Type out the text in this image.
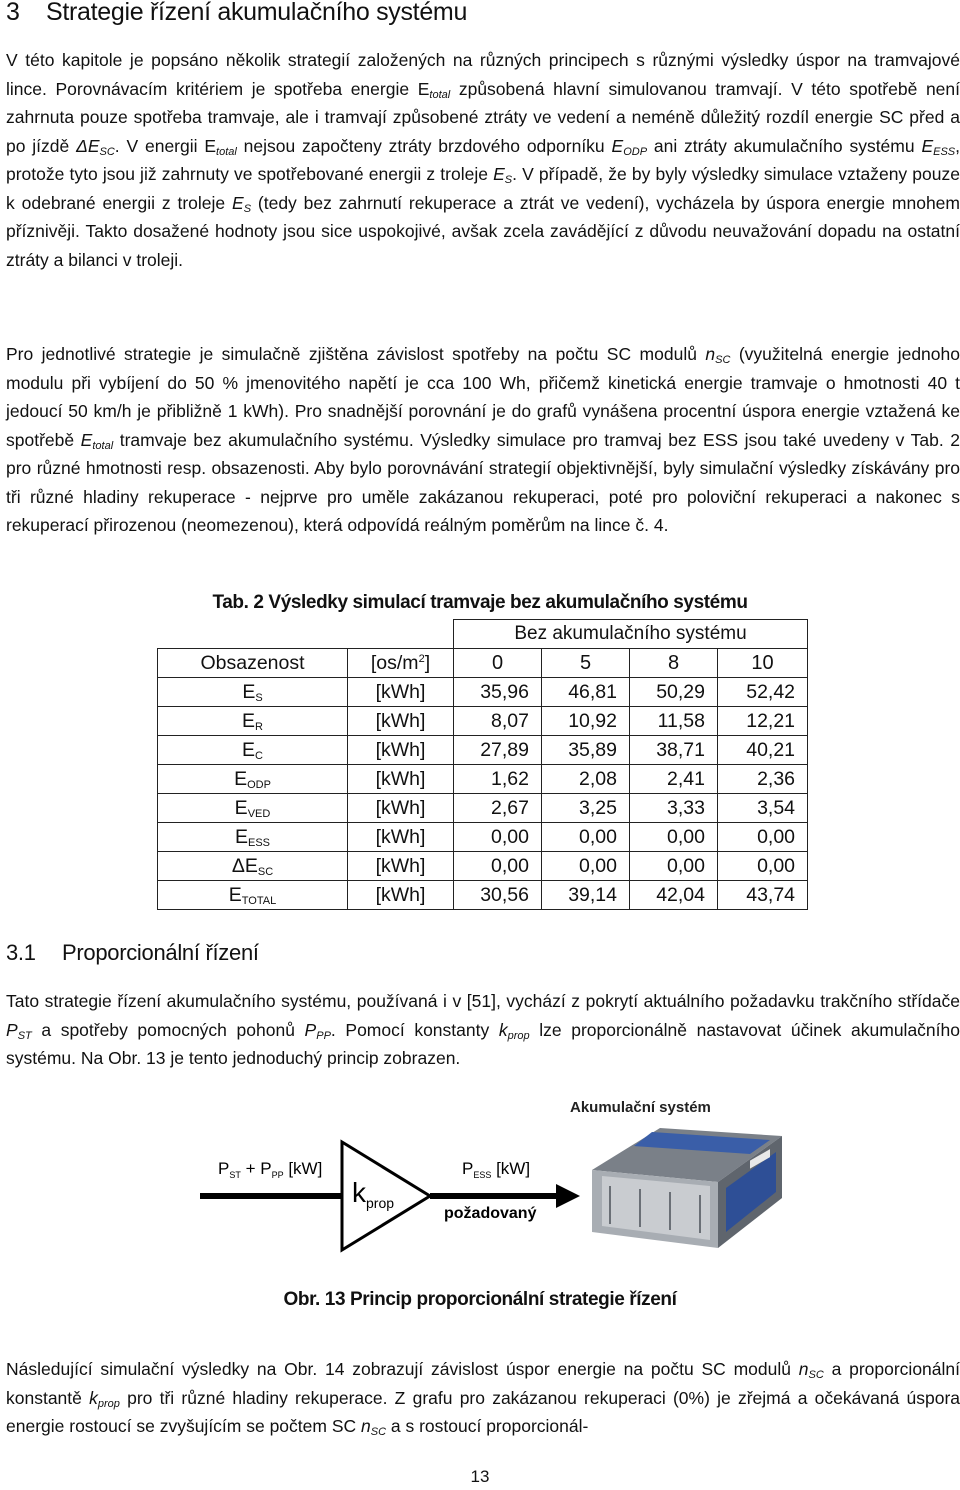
3 Strategie řízení akumulačního systému

V této kapitole je popsáno několik strategií založených na různých principech s různými výsledky úspor na tramvajové lince. Porovnávacím kritériem je spotřeba energie $E_{total}$ způsobená hlavní simulovanou tramvají. V této spotřebě není zahrnuta pouze spotřeba tramvaje, ale i tramvají způsobené ztráty ve vedení a neméně důležitý rozdíl energie SC před a po jízdě $\Delta E_{SC}$. V energii $E_{total}$ nejsou započteny ztráty brzdového odporníku $E_{ODP}$ ani ztráty akumulačního systému $E_{ESS}$, protože tyto jsou již zahrnuty ve spotřebované energii z troleje $E_S$. V případě, že by byly výsledky simulace vztaženy pouze k odebrané energii z troleje $E_S$ (tedy bez zahrnutí rekuperace a ztrát ve vedení), vycházela by úspora energie mnohem příznivěji. Takto dosažené hodnoty jsou sice uspokojivé, avšak zcela zavádějící z důvodu neuvažování dopadu na ostatní ztráty a bilanci v troleji.

Pro jednotlivé strategie je simulačně zjištěna závislost spotřeby na počtu SC modulů $n_{SC}$ (využitelná energie jednoho modulu při vybíjení do 50 % jmenovitého napětí je cca 100 Wh, přičemž kinetická energie tramvaje o hmotnosti 40 t jedoucí 50 km/h je přibližně 1 kWh). Pro snadnější porovnání je do grafů vynášena procentní úspora energie vztažená ke spotřebě $E_{total}$ tramvaje bez akumulačního systému. Výsledky simulace pro tramvaj bez ESS jsou také uvedeny v Tab. 2 pro různé hmotnosti resp. obsazenosti. Aby bylo porovnávání strategií objektivnější, byly simulační výsledky získávány pro tři různé hladiny rekuperace - nejprve pro uměle zakázanou rekuperaci, poté pro poloviční rekuperaci a nakonec s rekuperací přirozenou (neomezenou), která odpovídá reálným poměrům na lince č. 4.

Tab. 2 Výsledky simulací tramvaje bez akumulačního systému
		Bez akumulačního systému			
Obsazenost	$[os/m^2]$	0	5	8	10
$E_S$	[kWh]	35,96	46,81	50,29	52,42
$E_R$	[kWh]	8,07	10,92	11,58	12,21
$E_C$	[kWh]	27,89	35,89	38,71	40,21
$E_{ODP}$	[kWh]	1,62	2,08	2,41	2,36
$E_{VED}$	[kWh]	2,67	3,25	3,33	3,54
$E_{ESS}$	[kWh]	0,00	0,00	0,00	0,00
$\Delta E_{SC}$	[kWh]	0,00	0,00	0,00	0,00
$E_{TOTAL}$	[kWh]	30,56	39,14	42,04	43,74
3.1 Proporcionální řízení

Tato strategie řízení akumulačního systému, používaná i v [51], vychází z pokrytí aktuálního požadavku trakčního střídače $P_{ST}$ a spotřeby pomocných pohonů $P_{PP}$. Pomocí konstanty $k_{prop}$ lze proporcionálně nastavovat účinek akumulačního systému. Na Obr. 13 je tento jednoduchý princip zobrazen.

Akumulační systém
$P_{ST} + P_{PP}$ [kW]
$k_{prop}$
$P_{ESS}$ [kW]
požadovaný
Obr. 13 Princip proporcionální strategie řízení

Následující simulační výsledky na Obr. 14 zobrazují závislost úspor energie na počtu SC modulů $n_{SC}$ a proporcionální konstantě $k_{prop}$ pro tři různé hladiny rekuperace. Z grafu pro zakázanou rekuperaci (0%) je zřejmá a očekávaná úspora energie rostoucí se zvyšujícím se počtem SC $n_{SC}$ a s rostoucí proporcionál-

13
